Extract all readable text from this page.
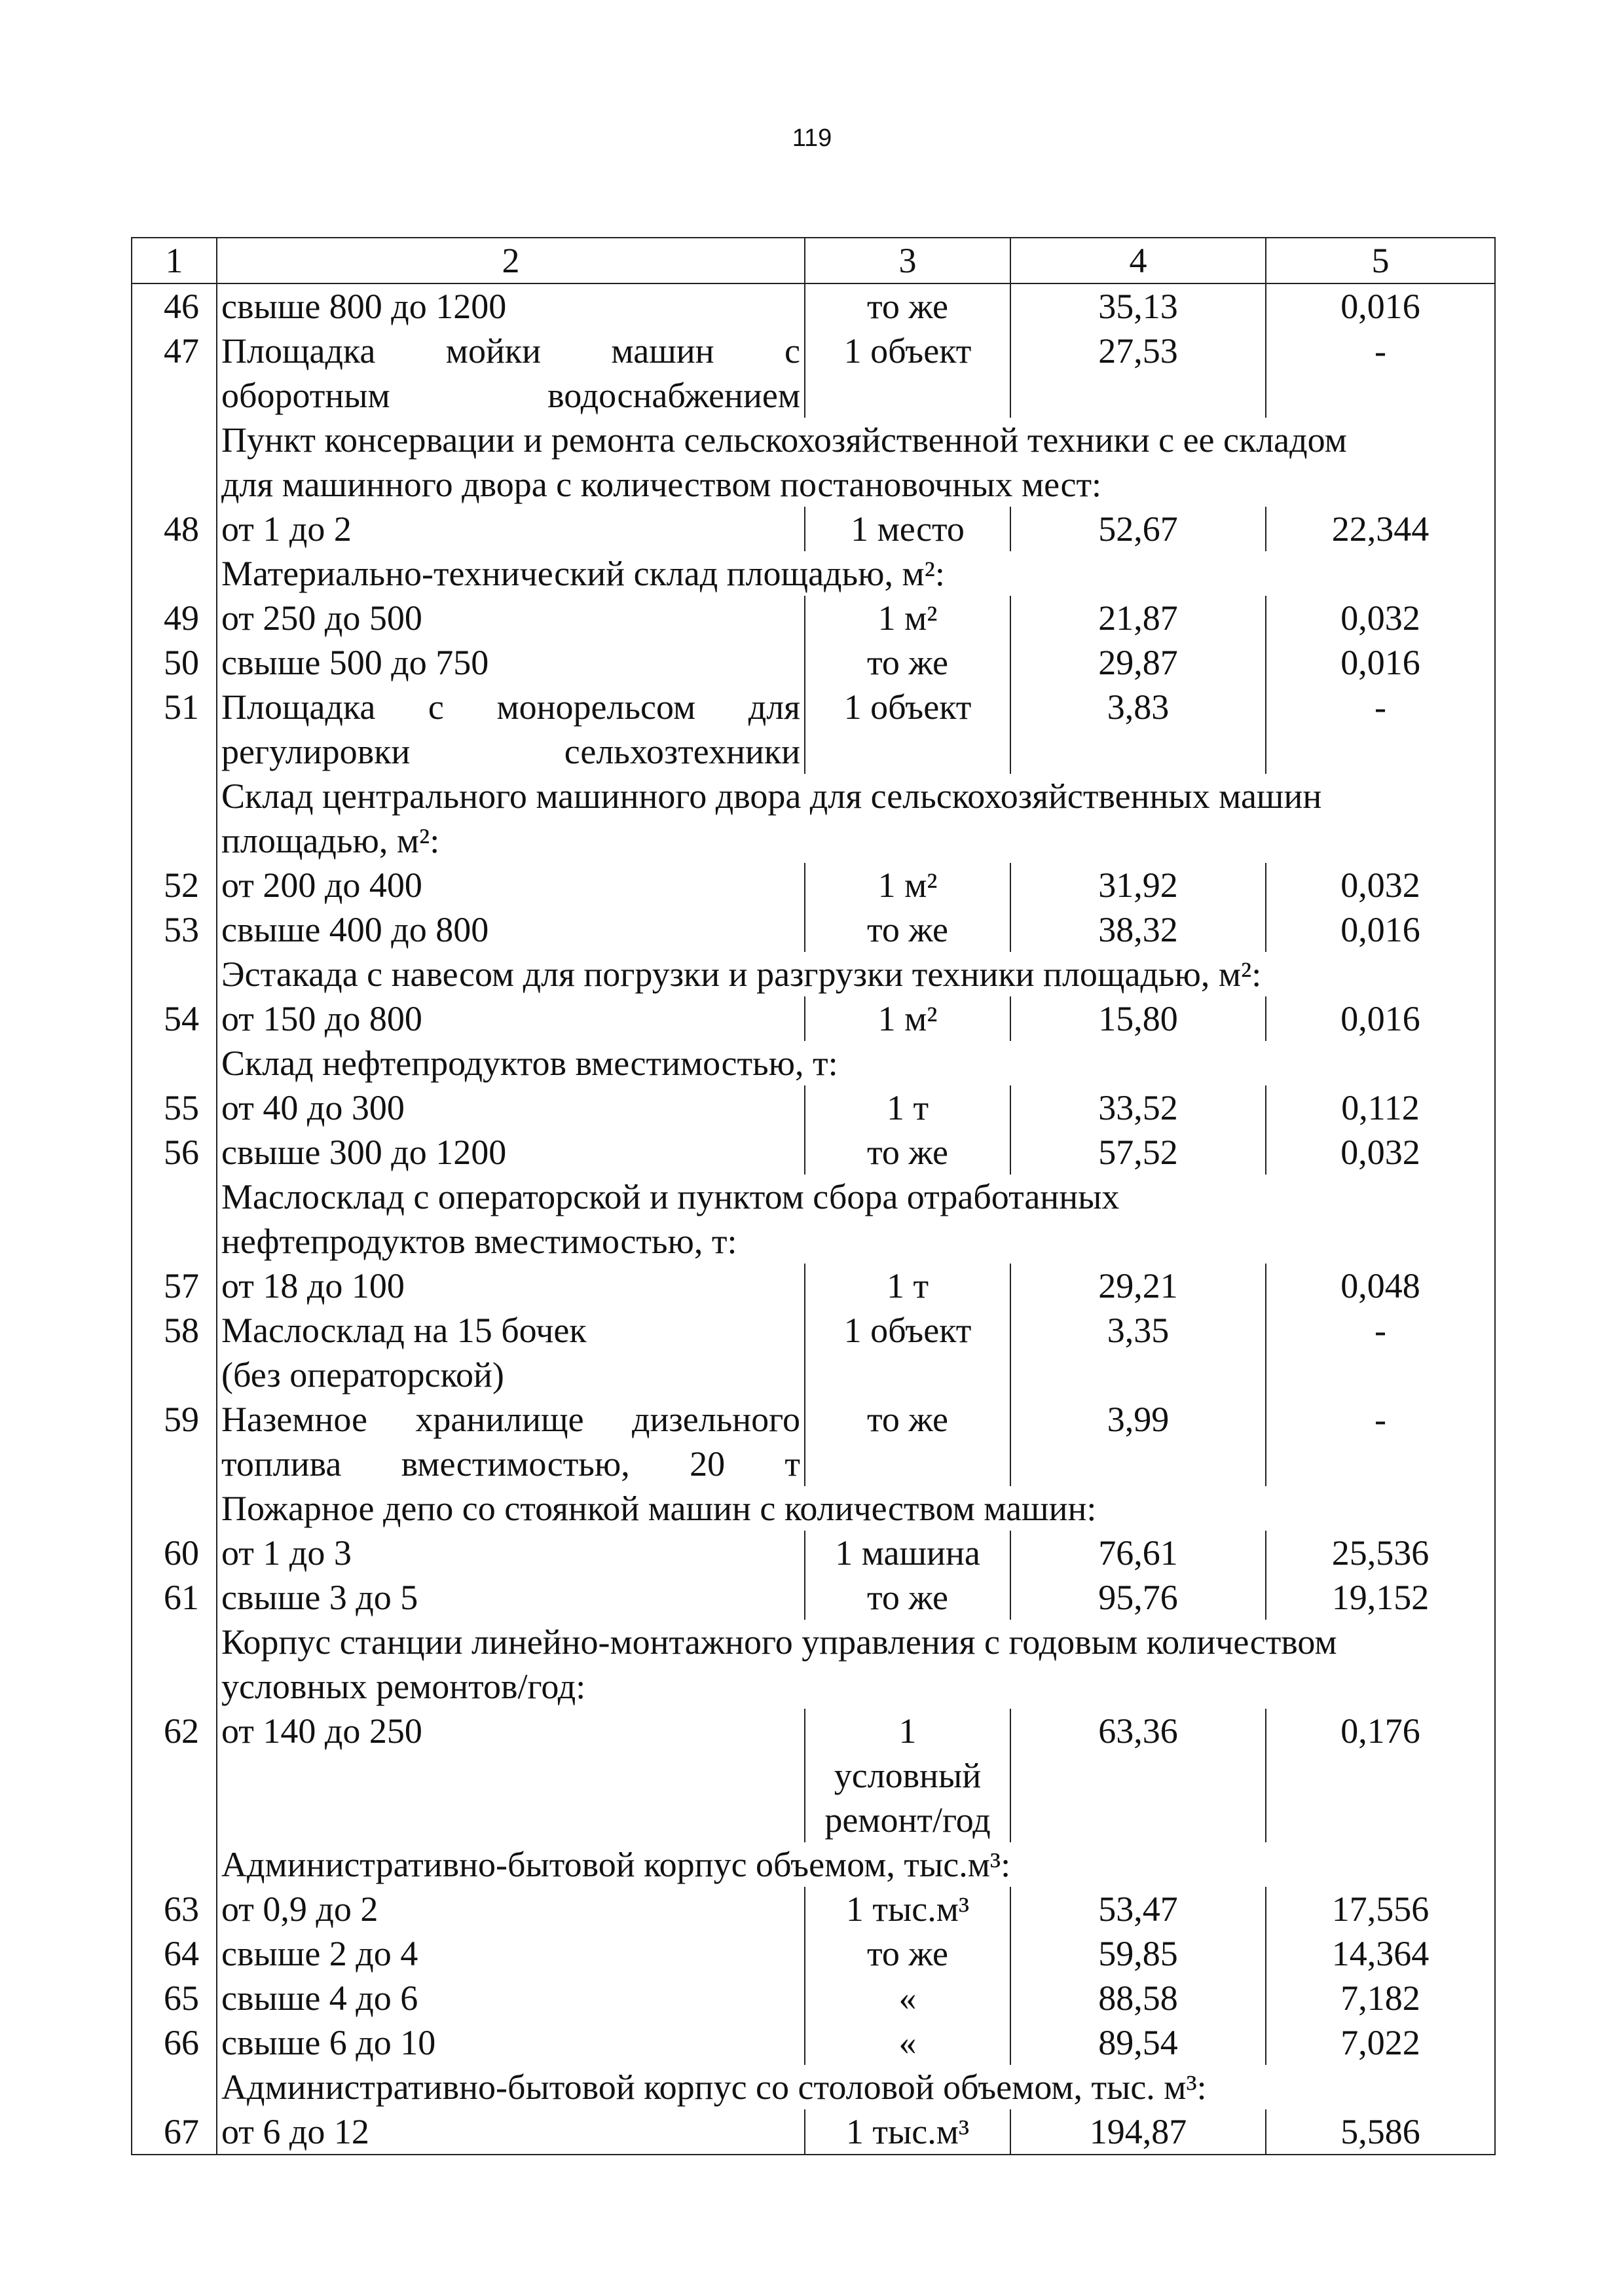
119
1	2	3	4	5
46	свыше 800 до 1200	то же	35,13	0,016
47	Площадка мойки машин с
оборотным водоснабжением	1 объект	27,53	-
	Пункт консервации и ремонта сельскохозяйственной техники с ее складом
для машинного двора с количеством постановочных мест:			
48	от 1 до 2	1 место	52,67	22,344
	Материально-технический склад площадью, м²:			
49	от 250 до 500	1 м²	21,87	0,032
50	свыше 500 до 750	то же	29,87	0,016
51	Площадка с монорельсом для
регулировки сельхозтехники	1 объект	3,83	-
	Склад центрального машинного двора для сельскохозяйственных машин
площадью, м²:			
52	от 200 до 400	1 м²	31,92	0,032
53	свыше 400 до 800	то же	38,32	0,016
	Эстакада с навесом для погрузки и разгрузки техники площадью, м²:			
54	от 150 до 800	1 м²	15,80	0,016
	Склад нефтепродуктов вместимостью, т:			
55	от 40 до 300	1 т	33,52	0,112
56	свыше 300 до 1200	то же	57,52	0,032
	Маслосклад с операторской и пунктом сбора отработанных
нефтепродуктов вместимостью, т:			
57	от 18 до 100	1 т	29,21	0,048
58	Маслосклад на 15 бочек
(без операторской)	1 объект	3,35	-
59	Наземное хранилище дизельного
топлива вместимостью, 20 т	то же	3,99	-
	Пожарное депо со стоянкой машин с количеством машин:			
60	от 1 до 3	1 машина	76,61	25,536
61	свыше 3 до 5	то же	95,76	19,152
	Корпус станции линейно-монтажного управления с годовым количеством
условных ремонтов/год:			
62	от 140 до 250	1
условный
ремонт/год	63,36	0,176
	Административно-бытовой корпус объемом, тыс.м³:			
63	от 0,9 до 2	1 тыс.м³	53,47	17,556
64	свыше 2 до 4	то же	59,85	14,364
65	свыше 4 до 6	«	88,58	7,182
66	свыше 6 до 10	«	89,54	7,022
	Административно-бытовой корпус со столовой объемом, тыс. м³:			
67	от 6 до 12	1 тыс.м³	194,87	5,586
